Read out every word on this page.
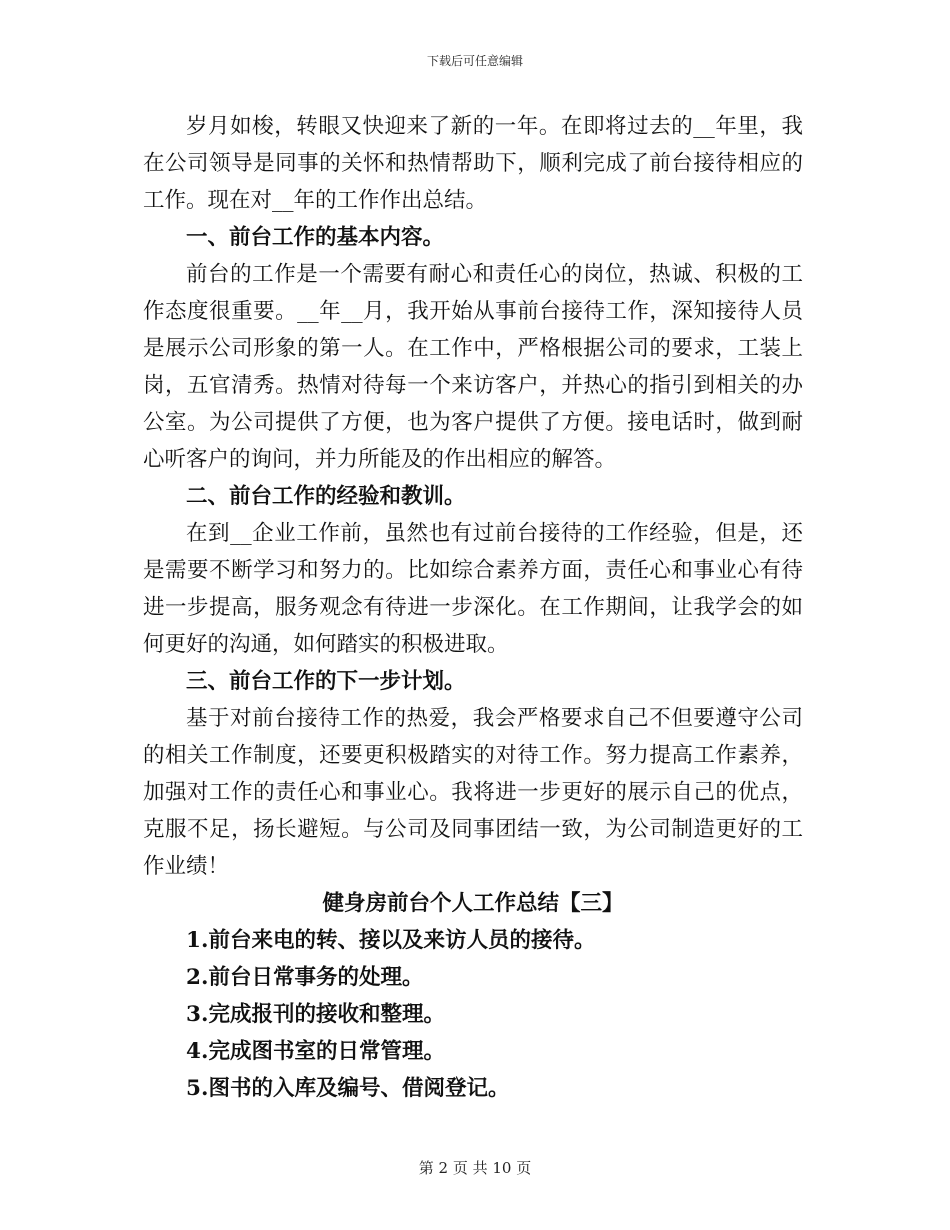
下载后可任意编辑

岁月如梭，转眼又快迎来了新的一年。在即将过去的__年里，我在公司领导是同事的关怀和热情帮助下，顺利完成了前台接待相应的工作。现在对__年的工作作出总结。

一、前台工作的基本内容。

前台的工作是一个需要有耐心和责任心的岗位，热诚、积极的工作态度很重要。__年__月，我开始从事前台接待工作，深知接待人员是展示公司形象的第一人。在工作中，严格根据公司的要求，工装上岗，五官清秀。热情对待每一个来访客户，并热心的指引到相关的办公室。为公司提供了方便，也为客户提供了方便。接电话时，做到耐心听客户的询问，并力所能及的作出相应的解答。

二、前台工作的经验和教训。

在到__企业工作前，虽然也有过前台接待的工作经验，但是，还是需要不断学习和努力的。比如综合素养方面，责任心和事业心有待进一步提高，服务观念有待进一步深化。在工作期间，让我学会的如何更好的沟通，如何踏实的积极进取。

三、前台工作的下一步计划。

基于对前台接待工作的热爱，我会严格要求自己不但要遵守公司的相关工作制度，还要更积极踏实的对待工作。努力提高工作素养，加强对工作的责任心和事业心。我将进一步更好的展示自己的优点，克服不足，扬长避短。与公司及同事团结一致，为公司制造更好的工作业绩！

健身房前台个人工作总结【三】

1.前台来电的转、接以及来访人员的接待。

2.前台日常事务的处理。

3.完成报刊的接收和整理。

4.完成图书室的日常管理。

5.图书的入库及编号、借阅登记。

第 2 页 共 10 页
